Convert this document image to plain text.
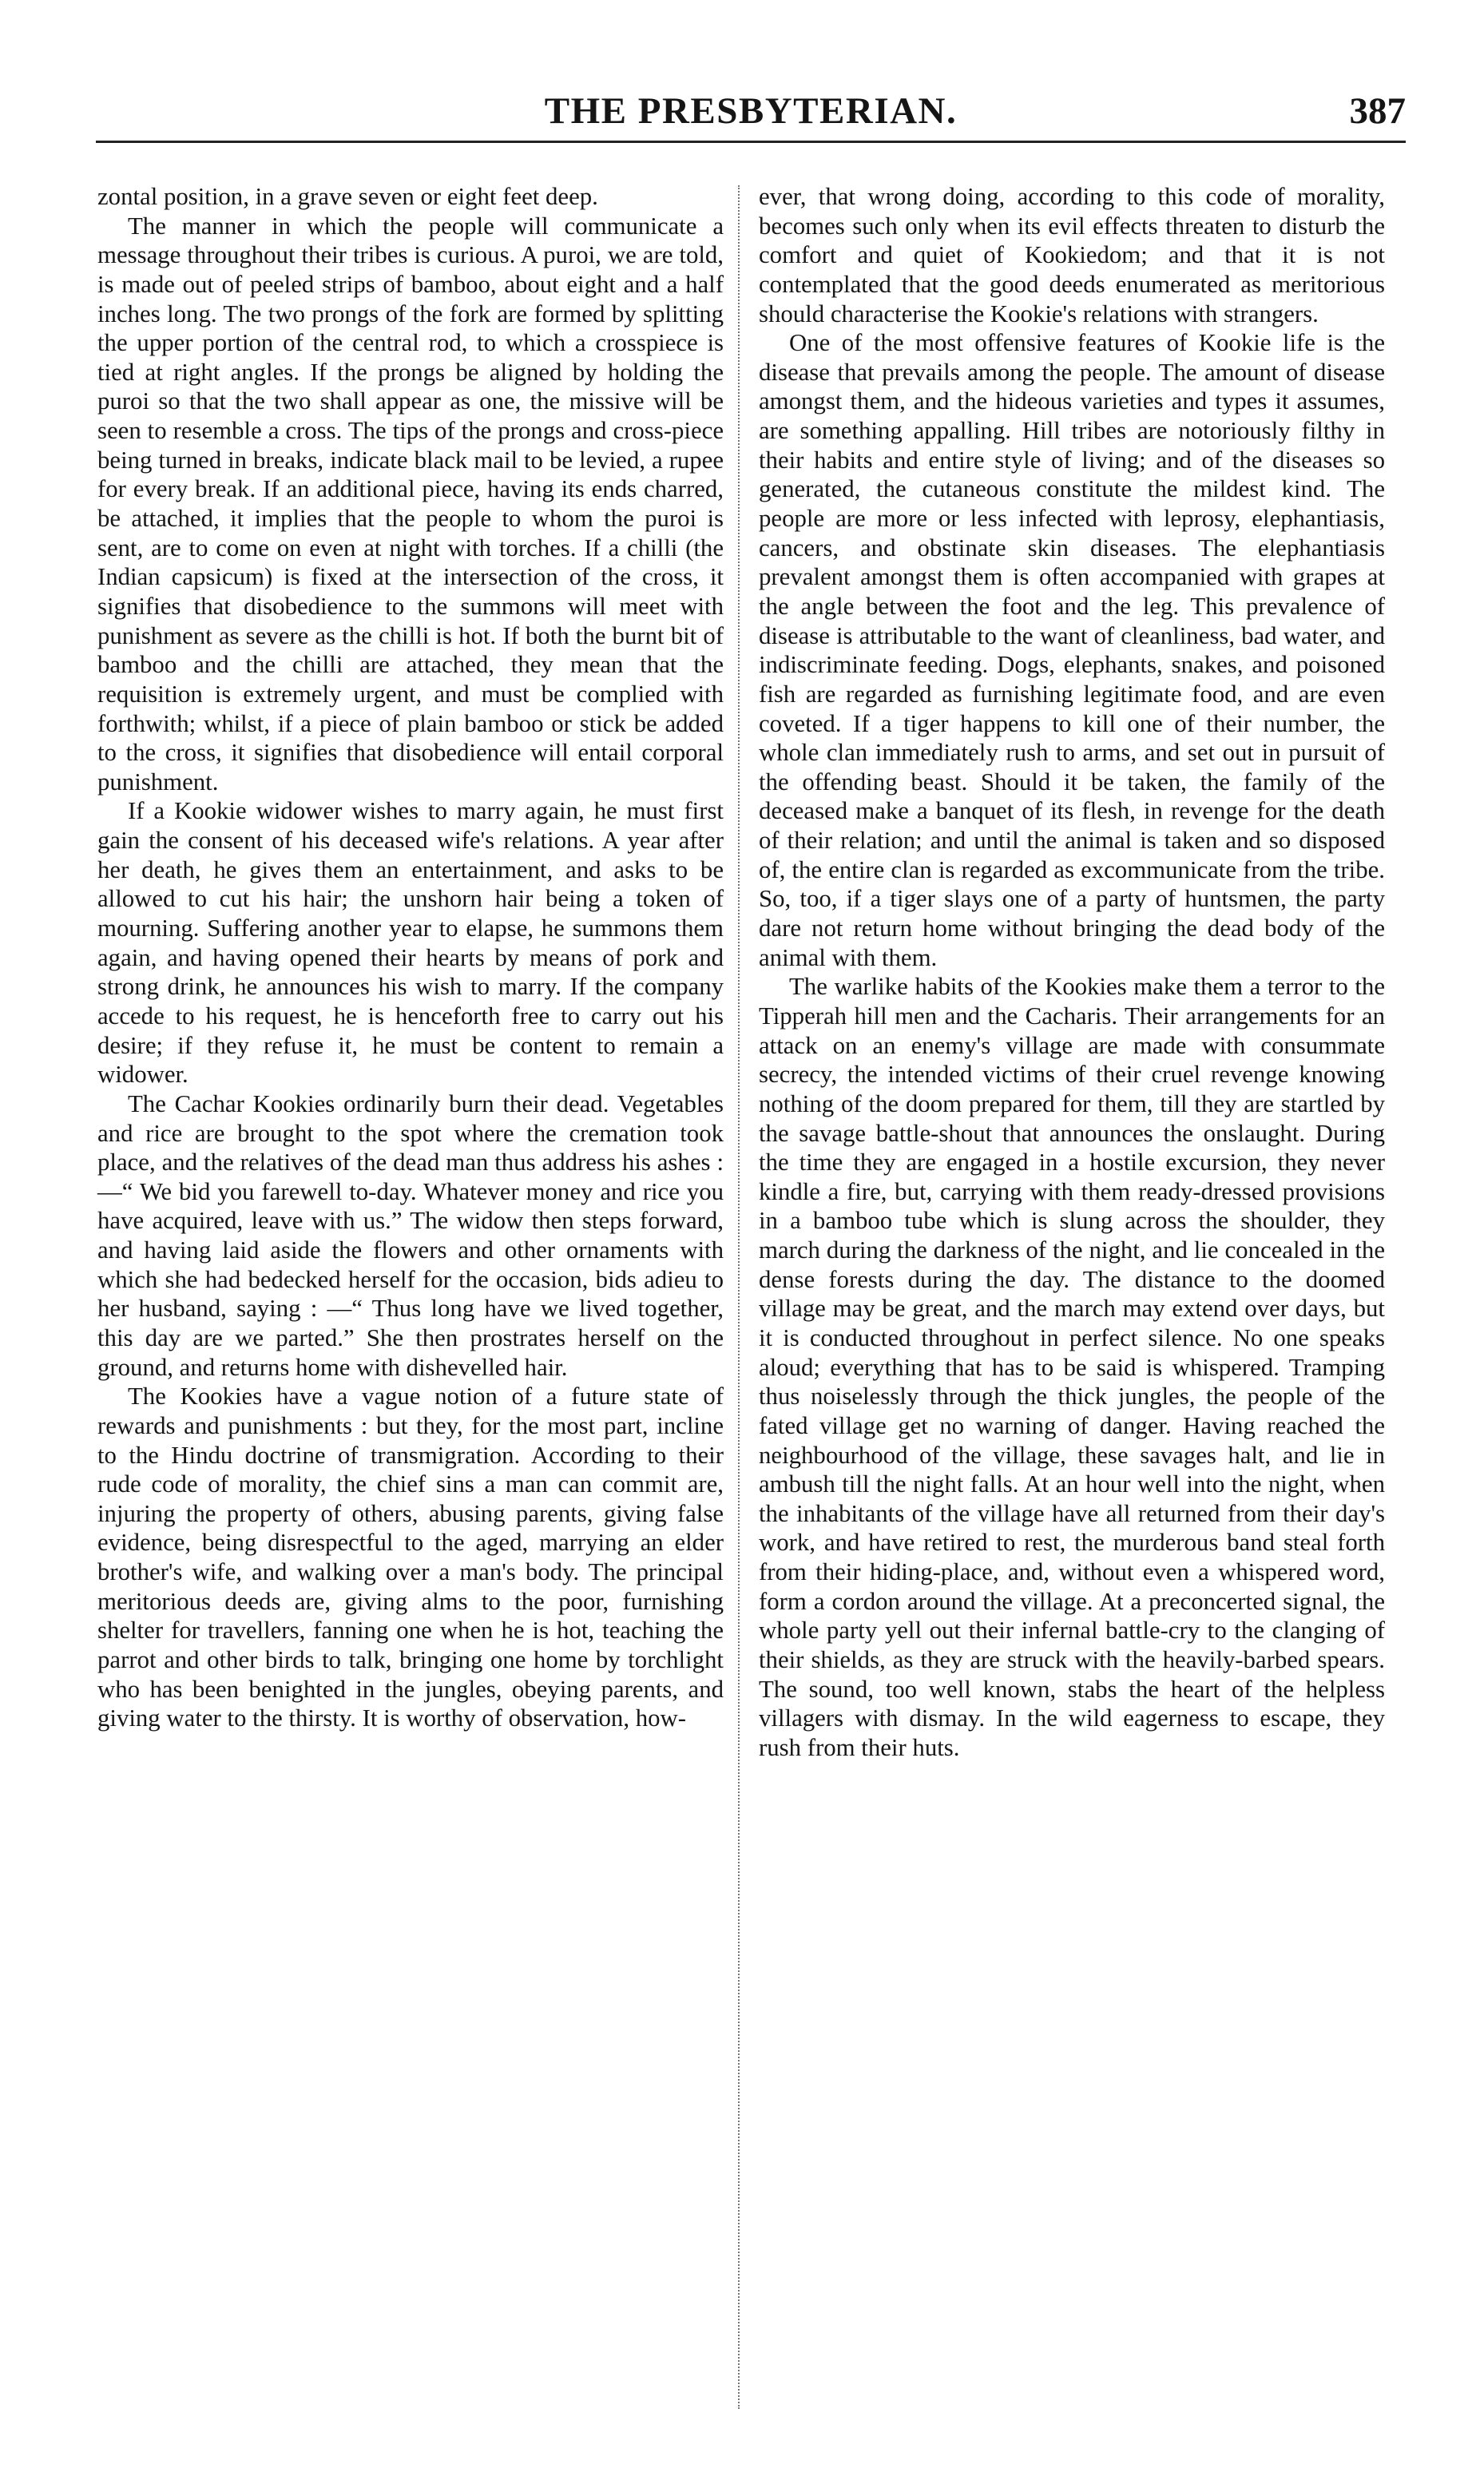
THE PRESBYTERIAN.	387

zontal position, in a grave seven or eight feet deep.

The manner in which the people will communicate a message throughout their tribes is curious. A puroi, we are told, is made out of peeled strips of bamboo, about eight and a half inches long. The two prongs of the fork are formed by splitting the upper portion of the central rod, to which a crosspiece is tied at right angles. If the prongs be aligned by holding the puroi so that the two shall appear as one, the missive will be seen to resemble a cross. The tips of the prongs and cross-piece being turned in breaks, indicate black mail to be levied, a rupee for every break. If an additional piece, having its ends charred, be attached, it implies that the people to whom the puroi is sent, are to come on even at night with torches. If a chilli (the Indian capsicum) is fixed at the intersection of the cross, it signifies that disobedience to the summons will meet with punishment as severe as the chilli is hot. If both the burnt bit of bamboo and the chilli are attached, they mean that the requisition is extremely urgent, and must be complied with forthwith; whilst, if a piece of plain bamboo or stick be added to the cross, it signifies that disobedience will entail corporal punishment.

If a Kookie widower wishes to marry again, he must first gain the consent of his deceased wife's relations. A year after her death, he gives them an entertainment, and asks to be allowed to cut his hair; the unshorn hair being a token of mourning. Suffering another year to elapse, he summons them again, and having opened their hearts by means of pork and strong drink, he announces his wish to marry. If the company accede to his request, he is henceforth free to carry out his desire; if they refuse it, he must be content to remain a widower.

The Cachar Kookies ordinarily burn their dead. Vegetables and rice are brought to the spot where the cremation took place, and the relatives of the dead man thus address his ashes :—“ We bid you farewell to-day. Whatever money and rice you have acquired, leave with us.” The widow then steps forward, and having laid aside the flowers and other ornaments with which she had bedecked herself for the occasion, bids adieu to her husband, saying : —“ Thus long have we lived together, this day are we parted.” She then prostrates herself on the ground, and returns home with dishevelled hair.

The Kookies have a vague notion of a future state of rewards and punishments : but they, for the most part, incline to the Hindu doctrine of transmigration. According to their rude code of morality, the chief sins a man can commit are, injuring the property of others, abusing parents, giving false evidence, being disrespectful to the aged, marrying an elder brother's wife, and walking over a man's body. The principal meritorious deeds are, giving alms to the poor, furnishing shelter for travellers, fanning one when he is hot, teaching the parrot and other birds to talk, bringing one home by torchlight who has been benighted in the jungles, obeying parents, and giving water to the thirsty. It is worthy of observation, how-

ever, that wrong doing, according to this code of morality, becomes such only when its evil effects threaten to disturb the comfort and quiet of Kookiedom; and that it is not contemplated that the good deeds enumerated as meritorious should characterise the Kookie's relations with strangers.

One of the most offensive features of Kookie life is the disease that prevails among the people. The amount of disease amongst them, and the hideous varieties and types it assumes, are something appalling. Hill tribes are notoriously filthy in their habits and entire style of living; and of the diseases so generated, the cutaneous constitute the mildest kind. The people are more or less infected with leprosy, elephantiasis, cancers, and obstinate skin diseases. The elephantiasis prevalent amongst them is often accompanied with grapes at the angle between the foot and the leg. This prevalence of disease is attributable to the want of cleanliness, bad water, and indiscriminate feeding. Dogs, elephants, snakes, and poisoned fish are regarded as furnishing legitimate food, and are even coveted. If a tiger happens to kill one of their number, the whole clan immediately rush to arms, and set out in pursuit of the offending beast. Should it be taken, the family of the deceased make a banquet of its flesh, in revenge for the death of their relation; and until the animal is taken and so disposed of, the entire clan is regarded as excommunicate from the tribe. So, too, if a tiger slays one of a party of huntsmen, the party dare not return home without bringing the dead body of the animal with them.

The warlike habits of the Kookies make them a terror to the Tipperah hill men and the Cacharis. Their arrangements for an attack on an enemy's village are made with consummate secrecy, the intended victims of their cruel revenge knowing nothing of the doom prepared for them, till they are startled by the savage battle-shout that announces the onslaught. During the time they are engaged in a hostile excursion, they never kindle a fire, but, carrying with them ready-dressed provisions in a bamboo tube which is slung across the shoulder, they march during the darkness of the night, and lie concealed in the dense forests during the day. The distance to the doomed village may be great, and the march may extend over days, but it is conducted throughout in perfect silence. No one speaks aloud; everything that has to be said is whispered. Tramping thus noiselessly through the thick jungles, the people of the fated village get no warning of danger. Having reached the neighbourhood of the village, these savages halt, and lie in ambush till the night falls. At an hour well into the night, when the inhabitants of the village have all returned from their day's work, and have retired to rest, the murderous band steal forth from their hiding-place, and, without even a whispered word, form a cordon around the village. At a preconcerted signal, the whole party yell out their infernal battle-cry to the clanging of their shields, as they are struck with the heavily-barbed spears. The sound, too well known, stabs the heart of the helpless villagers with dismay. In the wild eagerness to escape, they rush from their huts.
